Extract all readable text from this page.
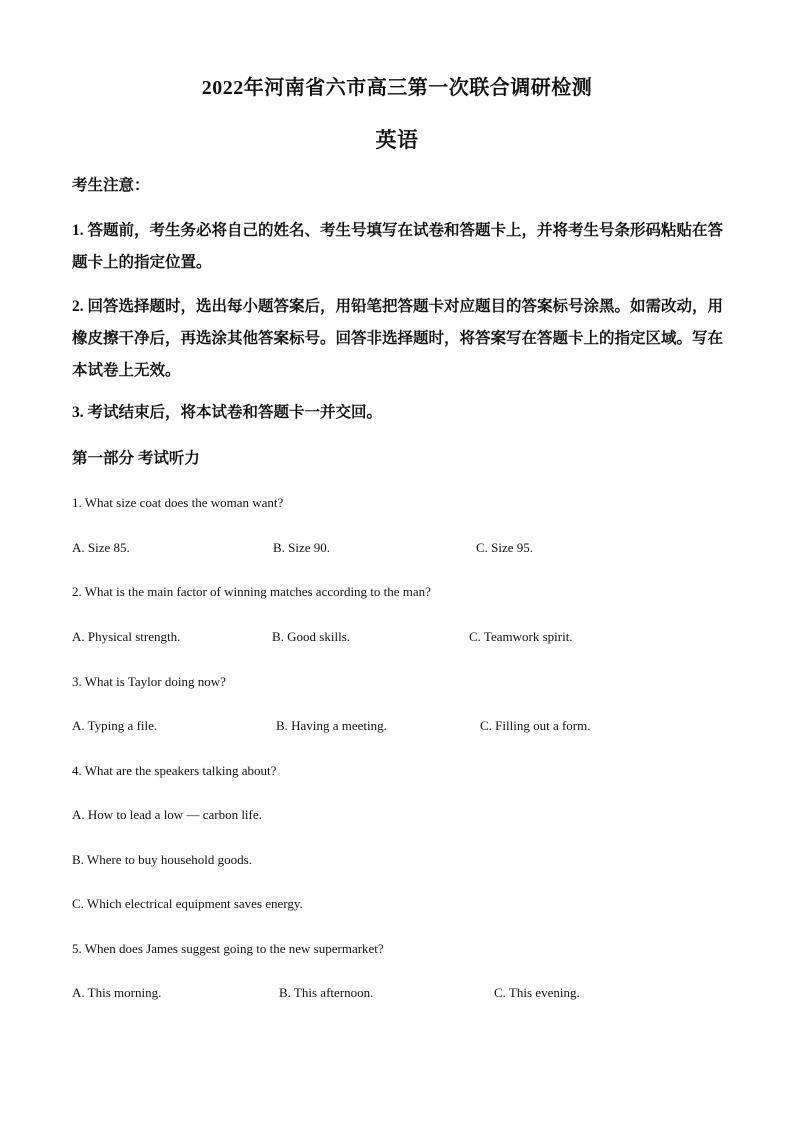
2022年河南省六市高三第一次联合调研检测
英语
考生注意：
1. 答题前，考生务必将自己的姓名、考生号填写在试卷和答题卡上，并将考生号条形码粘贴在答题卡上的指定位置。
2. 回答选择题时，选出每小题答案后，用铅笔把答题卡对应题目的答案标号涂黑。如需改动，用橡皮擦干净后，再选涂其他答案标号。回答非选择题时，将答案写在答题卡上的指定区域。写在本试卷上无效。
3. 考试结束后，将本试卷和答题卡一并交回。
第一部分 考试听力
1. What size coat does the woman want?
A. Size 85.	B. Size 90.	C. Size 95.
2. What is the main factor of winning matches according to the man?
A. Physical strength.	B. Good skills.	C. Teamwork spirit.
3. What is Taylor doing now?
A. Typing a file.	B. Having a meeting.	C. Filling out a form.
4. What are the speakers talking about?
A. How to lead a low — carbon life.
B. Where to buy household goods.
C. Which electrical equipment saves energy.
5. When does James suggest going to the new supermarket?
A. This morning.	B. This afternoon.	C. This evening.
